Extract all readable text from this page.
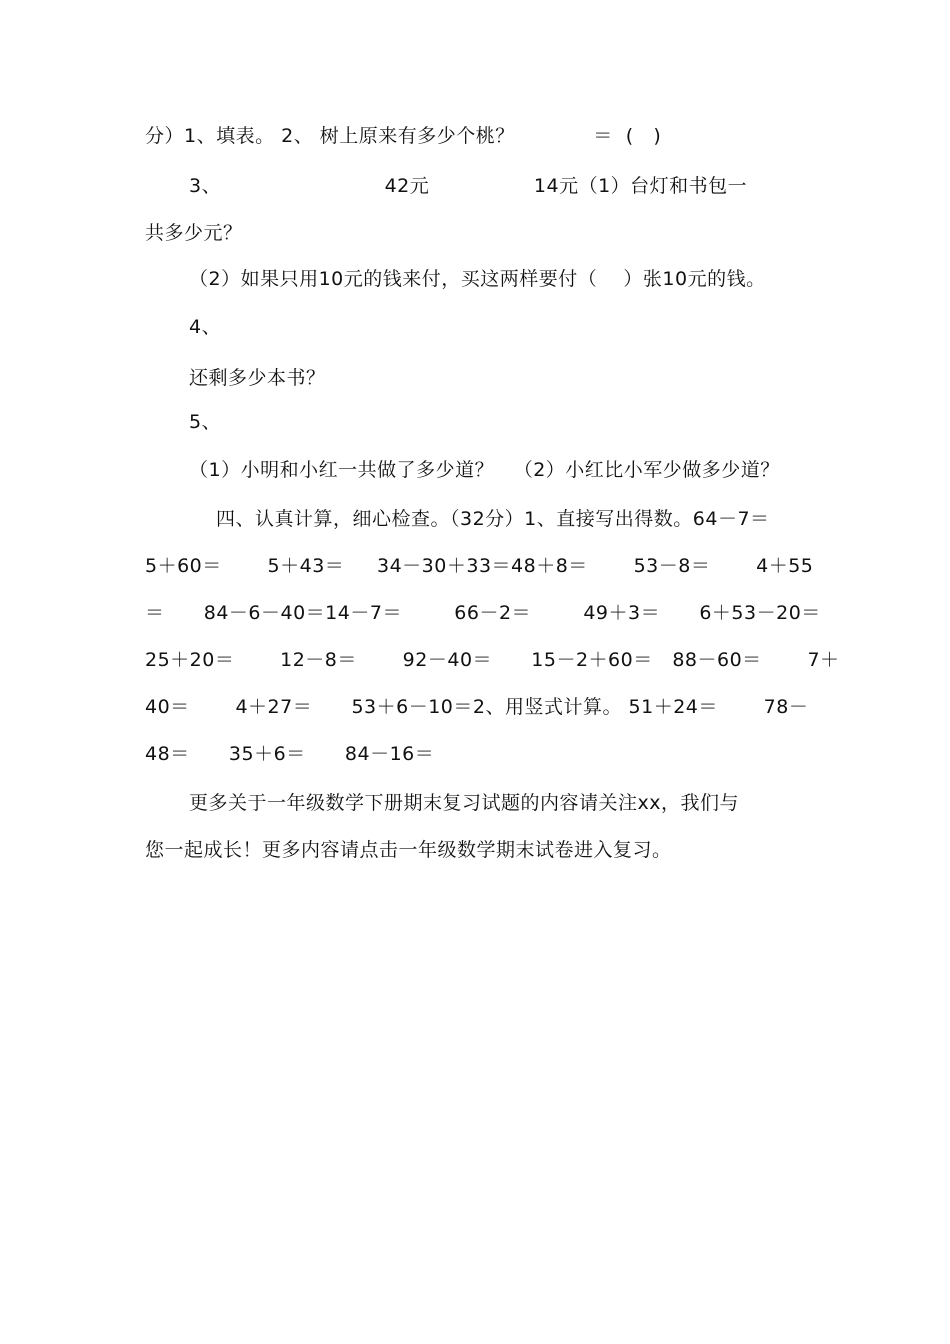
分）1、填表。 2、 树上原来有多少个桃？            ＝  (   )
3、                         42元                14元（1）台灯和书包一
共多少元？
（2）如果只用10元的钱来付，买这两样要付（    ）张10元的钱。
4、
还剩多少本书？
5、
（1）小明和小红一共做了多少道？   （2）小红比小军少做多少道？
四、认真计算，细心检查。（32分）1、直接写出得数。64－7＝
5＋60＝       5＋43＝     34－30＋33＝48＋8＝       53－8＝       4＋55
＝      84－6－40＝14－7＝        66－2＝        49＋3＝      6＋53－20＝
25＋20＝       12－8＝       92－40＝      15－2＋60＝   88－60＝       7＋
40＝       4＋27＝      53＋6－10＝2、用竖式计算。 51＋24＝       78－
48＝      35＋6＝      84－16＝
更多关于一年级数学下册期末复习试题的内容请关注xx，我们与
您一起成长！更多内容请点击一年级数学期末试卷进入复习。
